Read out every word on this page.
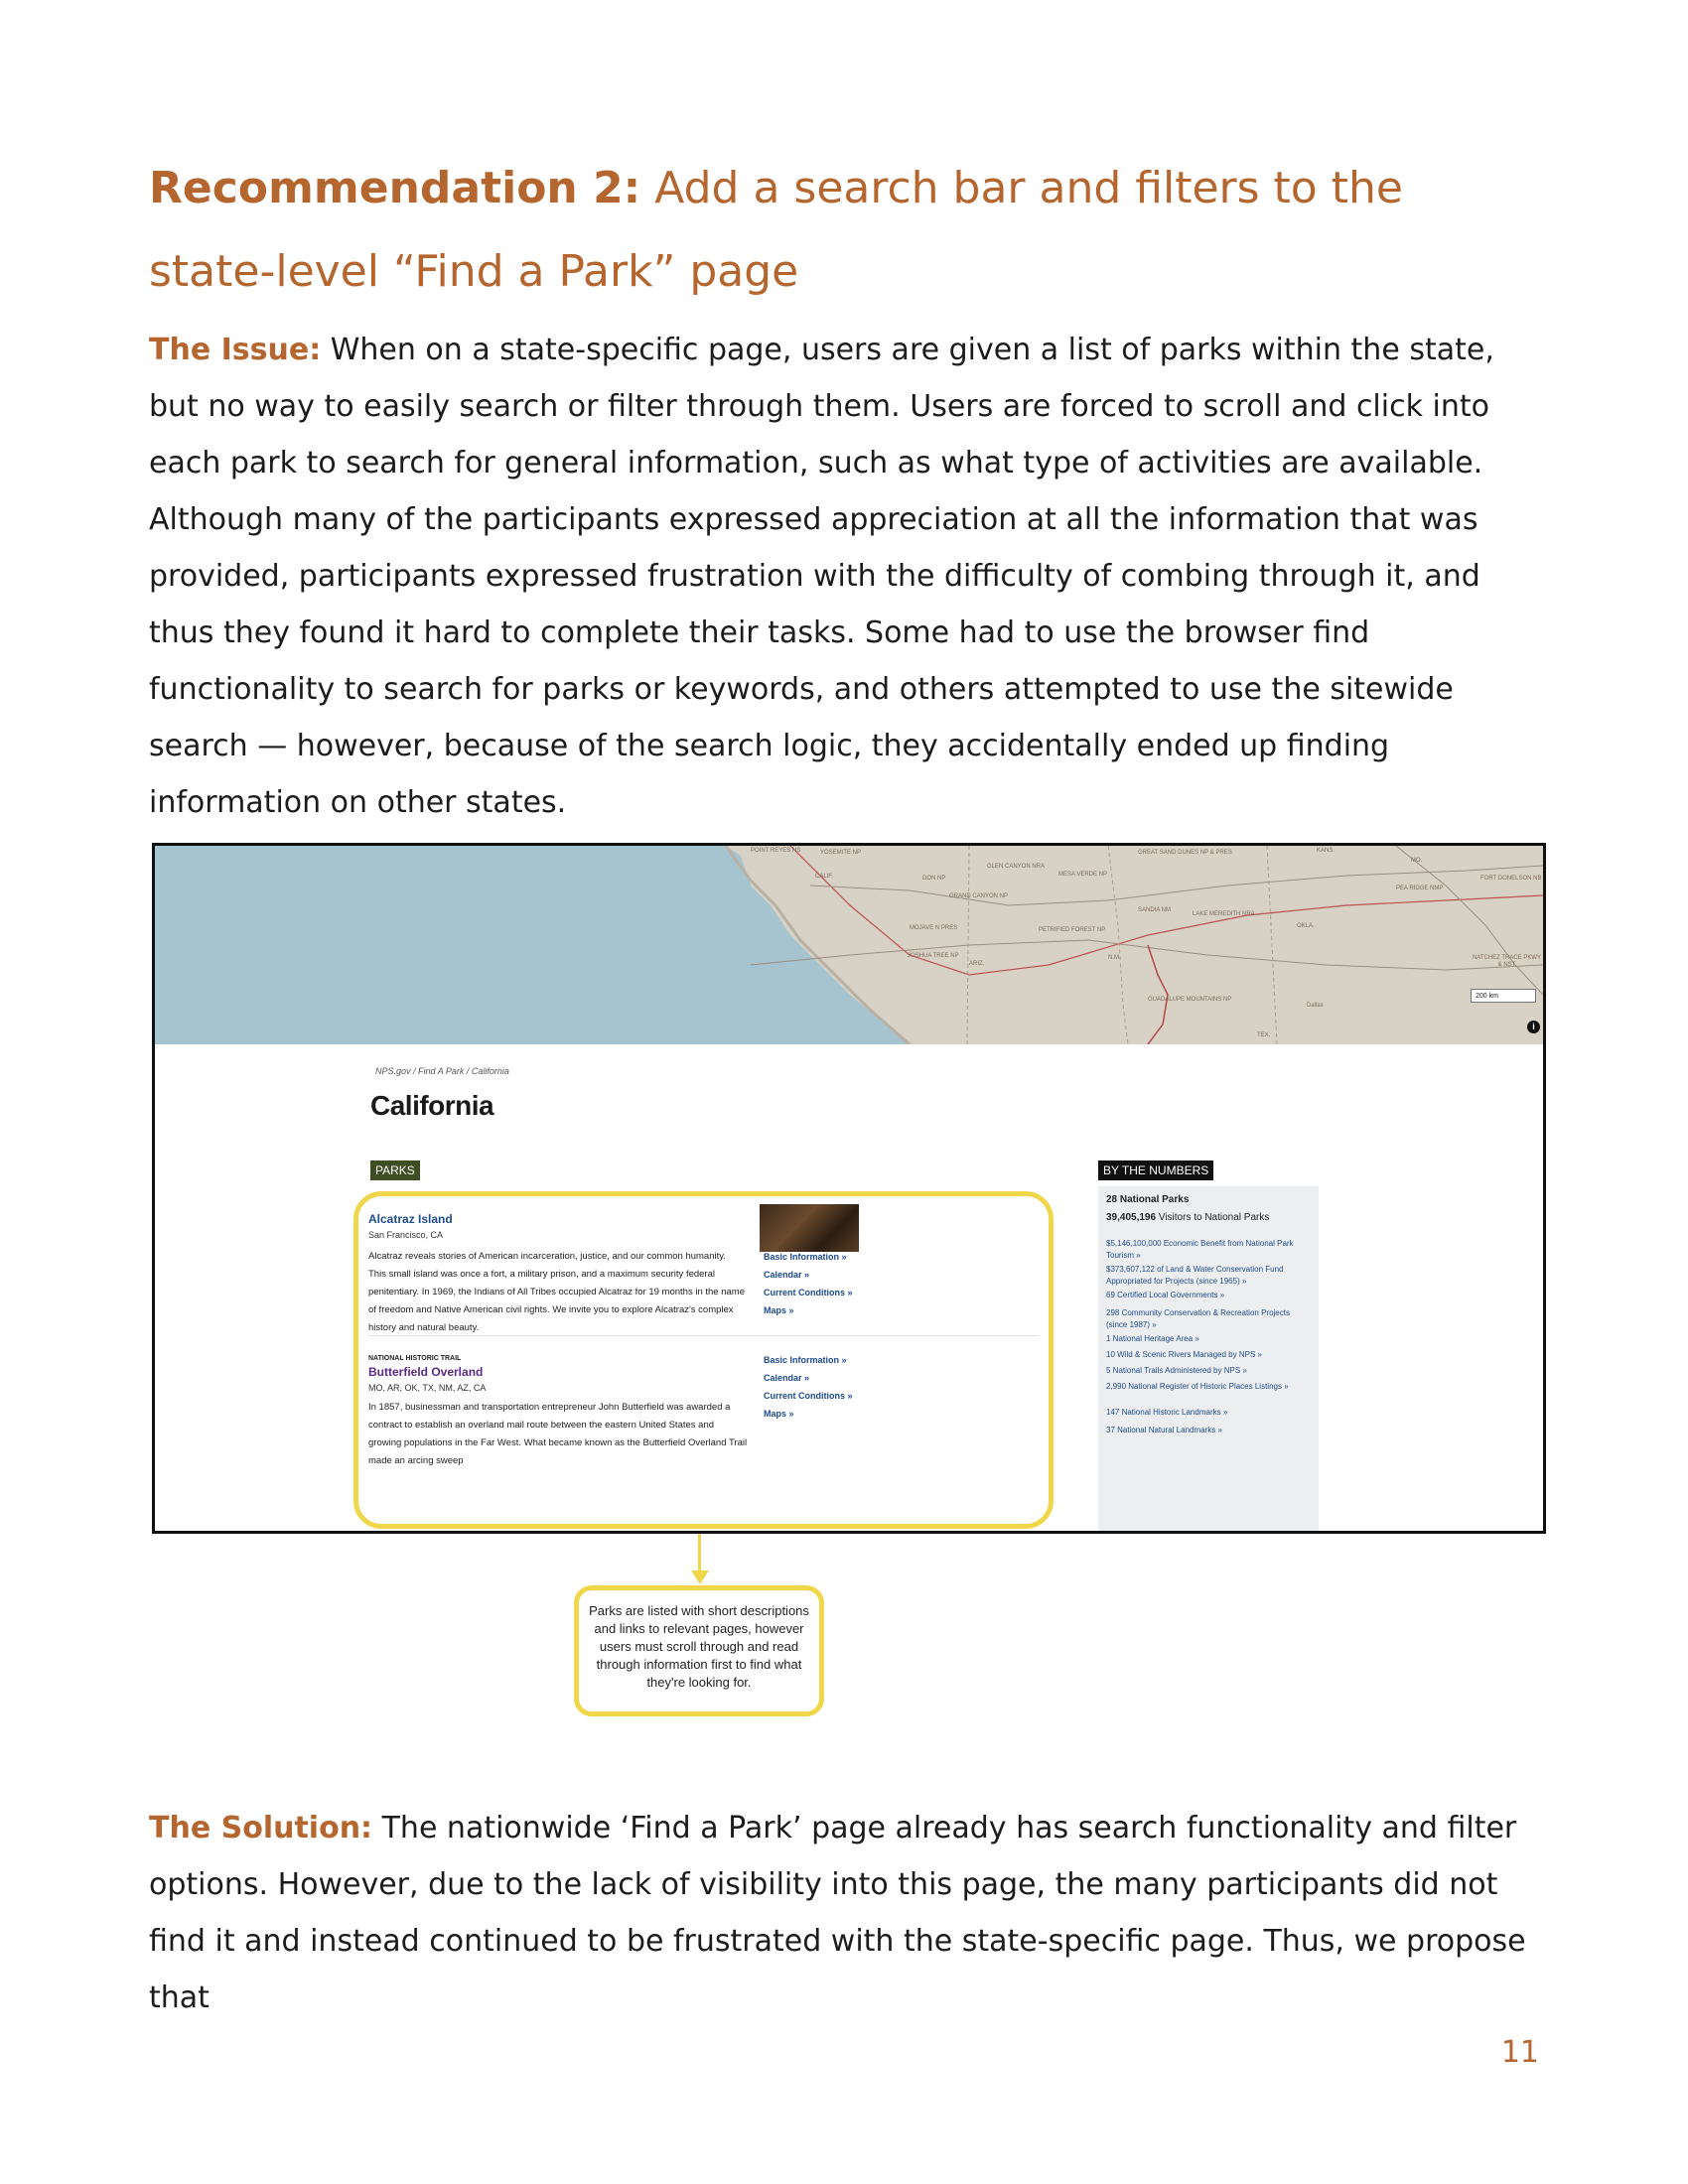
Recommendation 2: Add a search bar and filters to the state-level “Find a Park” page

The Issue: When on a state-specific page, users are given a list of parks within the state, but no way to easily search or filter through them. Users are forced to scroll and click into each park to search for general information, such as what type of activities are available. Although many of the participants expressed appreciation at all the information that was provided, participants expressed frustration with the difficulty of combing through it, and thus they found it hard to complete their tasks. Some had to use the browser find functionality to search for parks or keywords, and others attempted to use the sitewide search — however, because of the search logic, they accidentally ended up finding information on other states.

POINT REYES NS	YOSEMITE NP
CALIF.
GLEN CANYON NRA
MESA VERDE NP
GREAT SAND DUNES NP & PRES	KANS.
MO.
DON NP
GRAND CANYON NP
MOJAVE N PRES	PETRIFIED FOREST NP
SANDIA NM
LAKE MEREDITH NRA
OKLA.
PEA RIDGE NMP
FORT DONELSON NB
JOSHUA TREE NP
ARIZ.
N.M.	NATCHEZ TRACE PKWY & NST
GUADALUPE MOUNTAINS NP
TEX.
Dallas
200 km
i
NPS.gov / Find A Park / California
California
PARKS	BY THE NUMBERS
Alcatraz Island
San Francisco, CA
Alcatraz reveals stories of American incarceration, justice, and our common humanity. This small island was once a fort, a military prison, and a maximum security federal penitentiary. In 1969, the Indians of All Tribes occupied Alcatraz for 19 months in the name of freedom and Native American civil rights. We invite you to explore Alcatraz's complex history and natural beauty.
Basic Information »
Calendar »
Current Conditions »
Maps »
NATIONAL HISTORIC TRAIL
Butterfield Overland
MO, AR, OK, TX, NM, AZ, CA
In 1857, businessman and transportation entrepreneur John Butterfield was awarded a contract to establish an overland mail route between the eastern United States and growing populations in the Far West. What became known as the Butterfield Overland Trail made an arcing sweep
Basic Information »
Calendar »
Current Conditions »
Maps »
28 National Parks
39,405,196 Visitors to National Parks
$5,146,100,000 Economic Benefit from National Park Tourism »
$373,607,122 of Land & Water Conservation Fund Appropriated for Projects (since 1965) »
69 Certified Local Governments »
298 Community Conservation & Recreation Projects (since 1987) »
1 National Heritage Area »
10 Wild & Scenic Rivers Managed by NPS »
5 National Trails Administered by NPS »
2,990 National Register of Historic Places Listings »
147 National Historic Landmarks »
37 National Natural Landmarks »
Parks are listed with short descriptions and links to relevant pages, however users must scroll through and read through information first to find what they're looking for.

The Solution: The nationwide ‘Find a Park’ page already has search functionality and filter options. However, due to the lack of visibility into this page, the many participants did not find it and instead continued to be frustrated with the state-specific page. Thus, we propose that

11
